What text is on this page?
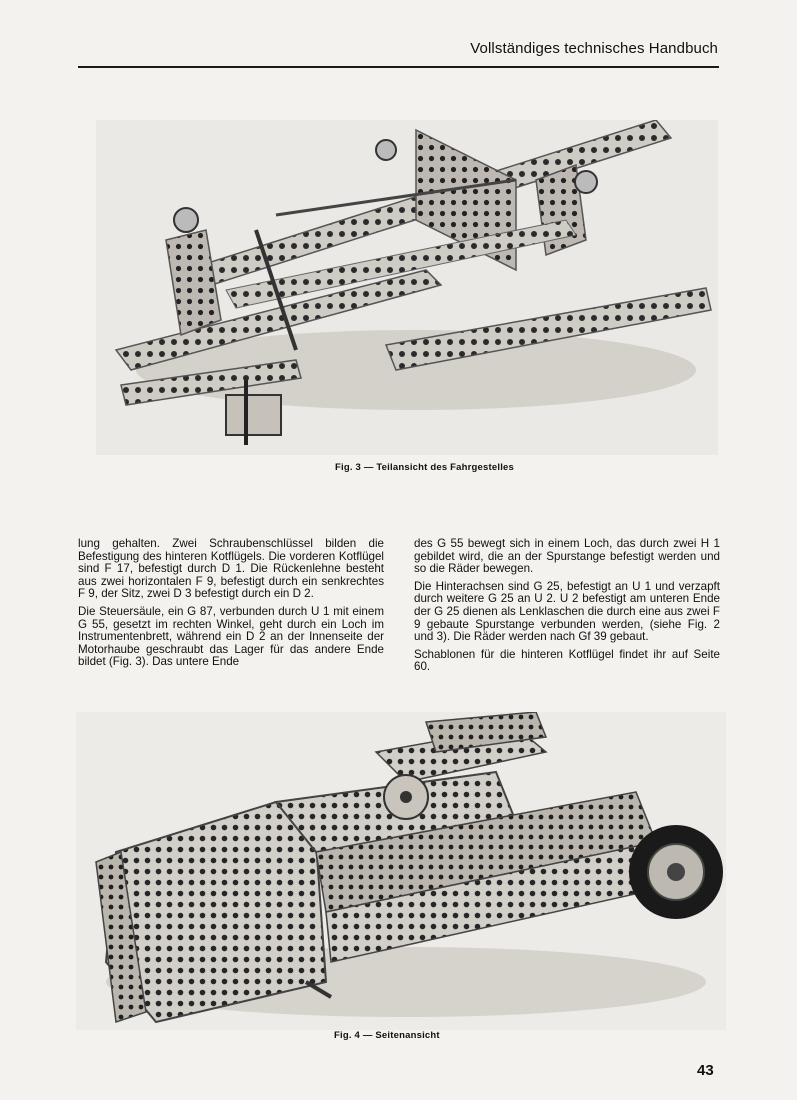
Vollständiges technisches Handbuch
Fig. 3 — Teilansicht des Fahrgestelles

lung gehalten. Zwei Schraubenschlüssel bilden die Befestigung des hinteren Kotflügels. Die vorderen Kotflügel sind F 17, befestigt durch D 1. Die Rückenlehne besteht aus zwei horizontalen F 9, befestigt durch ein senkrechtes F 9, der Sitz, zwei D 3 befestigt durch ein D 2.

Die Steuersäule, ein G 87, verbunden durch U 1 mit einem G 55, gesetzt im rechten Winkel, geht durch ein Loch im Instrumentenbrett, während ein D 2 an der Innenseite der Motorhaube geschraubt das Lager für das andere Ende bildet (Fig. 3). Das untere Ende

des G 55 bewegt sich in einem Loch, das durch zwei H 1 gebildet wird, die an der Spurstange befestigt werden und so die Räder bewegen.

Die Hinterachsen sind G 25, befestigt an U 1 und verzapft durch weitere G 25 an U 2. U 2 befestigt am unteren Ende der G 25 dienen als Lenklaschen die durch eine aus zwei F 9 gebaute Spurstange verbunden werden, (siehe Fig. 2 und 3). Die Räder werden nach Gf 39 gebaut.

Schablonen für die hinteren Kotflügel findet ihr auf Seite 60.

Fig. 4 — Seitenansicht
43
